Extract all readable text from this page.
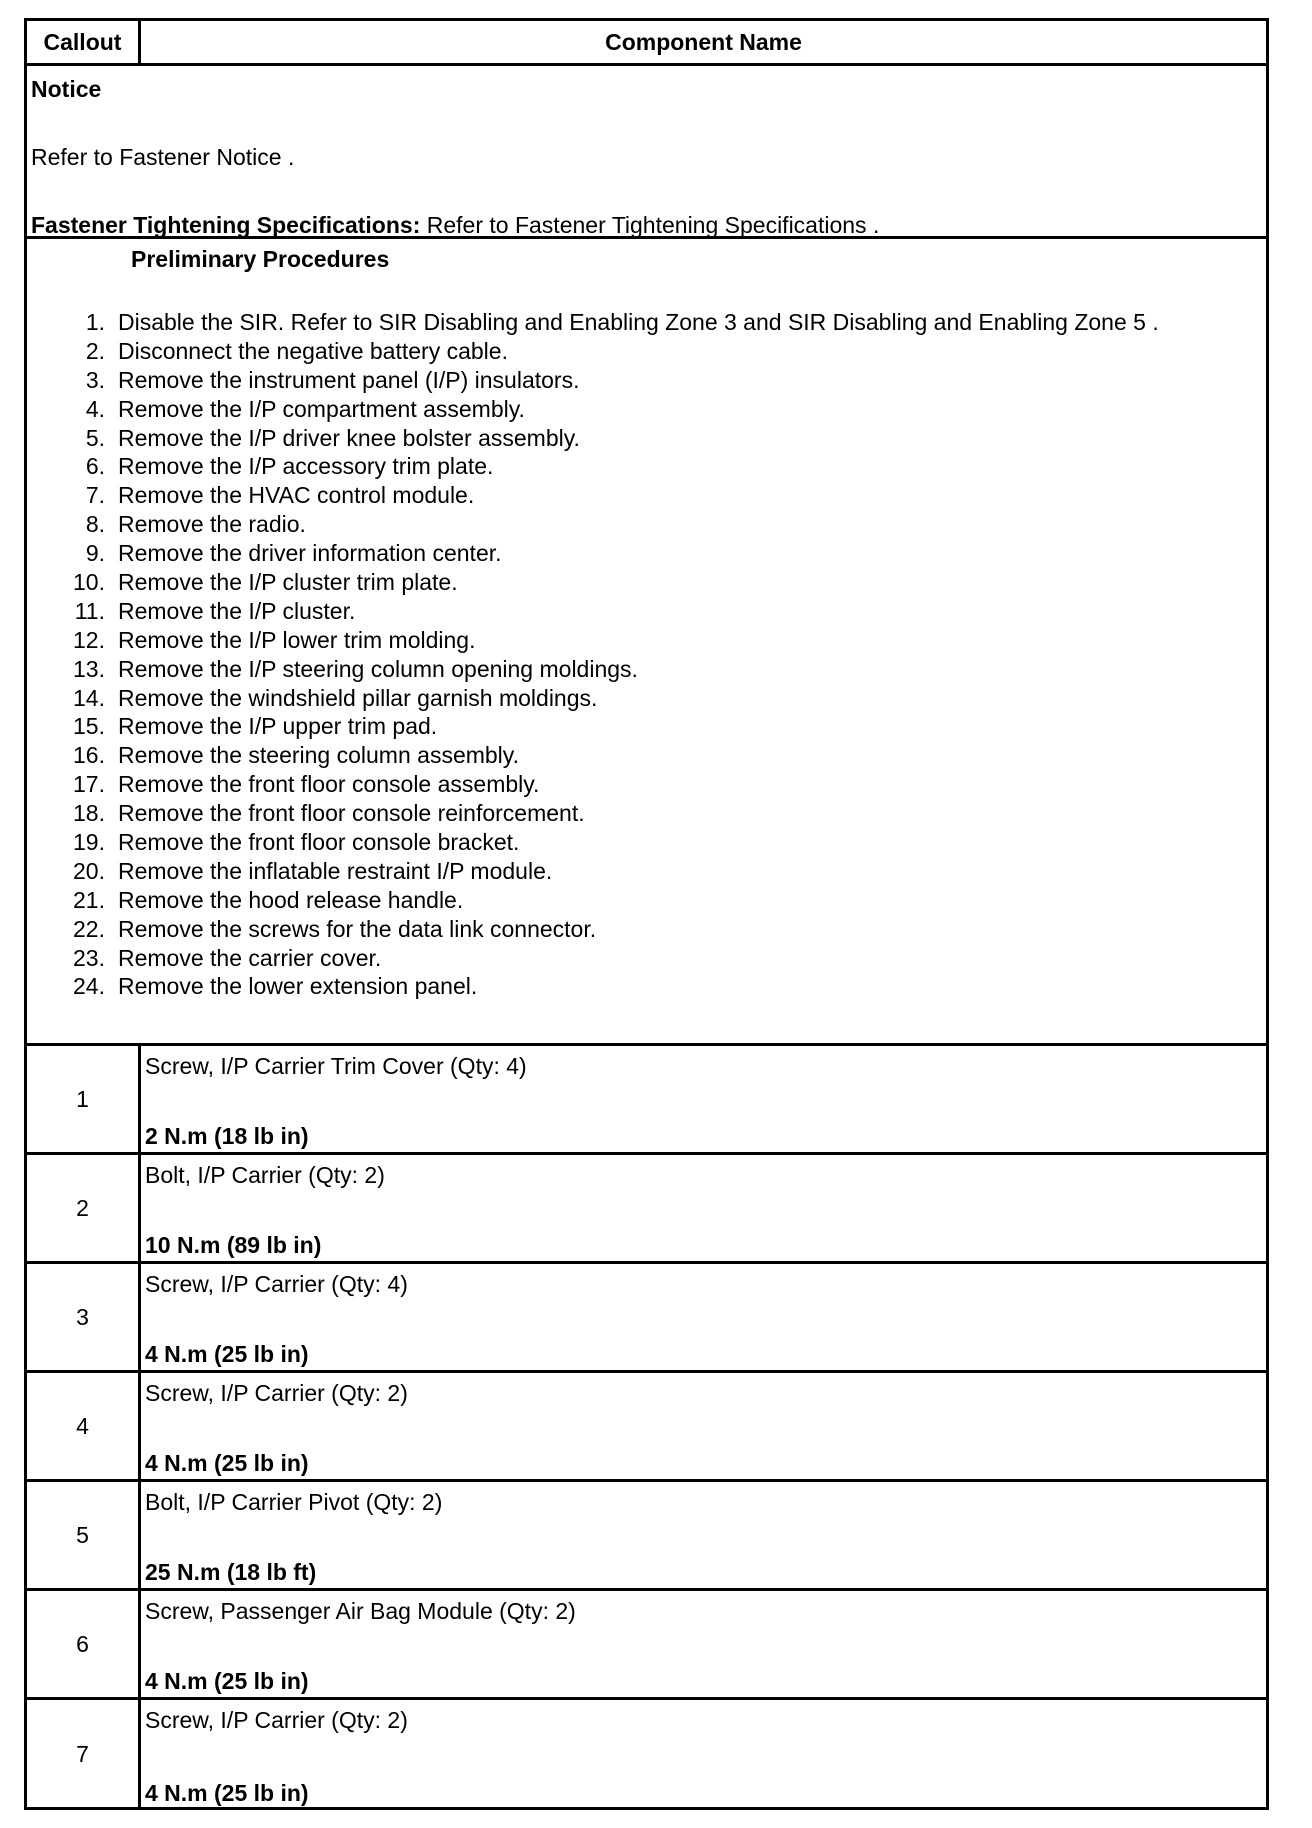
Callout	Component Name
Notice
Refer to Fastener Notice .
Fastener Tightening Specifications: Refer to Fastener Tightening Specifications .
Preliminary Procedures
1. Disable the SIR. Refer to SIR Disabling and Enabling Zone 3 and SIR Disabling and Enabling Zone 5 .
2. Disconnect the negative battery cable.
3. Remove the instrument panel (I/P) insulators.
4. Remove the I/P compartment assembly.
5. Remove the I/P driver knee bolster assembly.
6. Remove the I/P accessory trim plate.
7. Remove the HVAC control module.
8. Remove the radio.
9. Remove the driver information center.
10. Remove the I/P cluster trim plate.
11. Remove the I/P cluster.
12. Remove the I/P lower trim molding.
13. Remove the I/P steering column opening moldings.
14. Remove the windshield pillar garnish moldings.
15. Remove the I/P upper trim pad.
16. Remove the steering column assembly.
17. Remove the front floor console assembly.
18. Remove the front floor console reinforcement.
19. Remove the front floor console bracket.
20. Remove the inflatable restraint I/P module.
21. Remove the hood release handle.
22. Remove the screws for the data link connector.
23. Remove the carrier cover.
24. Remove the lower extension panel.
1
Screw, I/P Carrier Trim Cover (Qty: 4)
2 N.m (18 lb in)
2
Bolt, I/P Carrier (Qty: 2)
10 N.m (89 lb in)
3
Screw, I/P Carrier (Qty: 4)
4 N.m (25 lb in)
4
Screw, I/P Carrier (Qty: 2)
4 N.m (25 lb in)
5
Bolt, I/P Carrier Pivot (Qty: 2)
25 N.m (18 lb ft)
6
Screw, Passenger Air Bag Module (Qty: 2)
4 N.m (25 lb in)
7
Screw, I/P Carrier (Qty: 2)
4 N.m (25 lb in)
